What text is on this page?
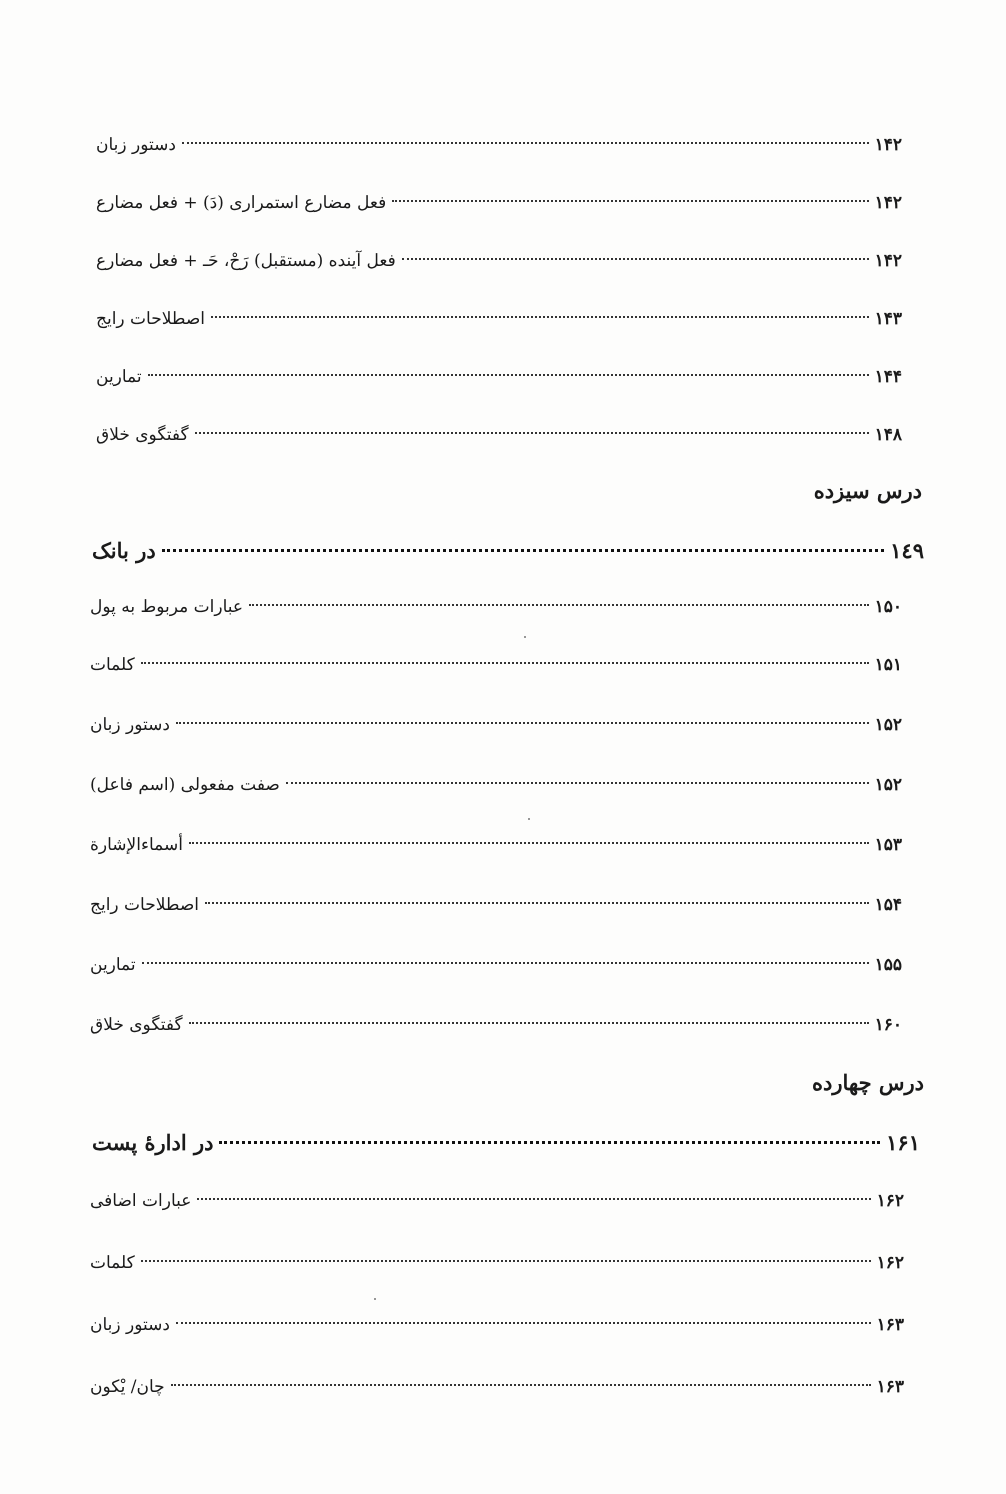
دستور زبان	۱۴۲
فعل مضارع استمراری (دَ) + فعل مضارع	۱۴۲
فعل آینده (مستقبل) رَحْ، حَـ + فعل مضارع	۱۴۲
اصطلاحات رایج	۱۴۳
تمارین	۱۴۴
گفتگوی خلاق	۱۴۸
درس سیزده
در بانک	۱٤۹
عبارات مربوط به پول	۱۵۰
کلمات	۱۵۱
دستور زبان	۱۵۲
صفت مفعولی (اسم فاعل)	۱۵۲
أسماءالإشارة	۱۵۳
اصطلاحات رایج	۱۵۴
تمارین	۱۵۵
گفتگوی خلاق	۱۶۰
درس چهارده
در ادارهٔ پست	۱۶۱
عبارات اضافی	۱۶۲
کلمات	۱۶۲
دستور زبان	۱۶۳
چان/ يْكون	۱۶۳
